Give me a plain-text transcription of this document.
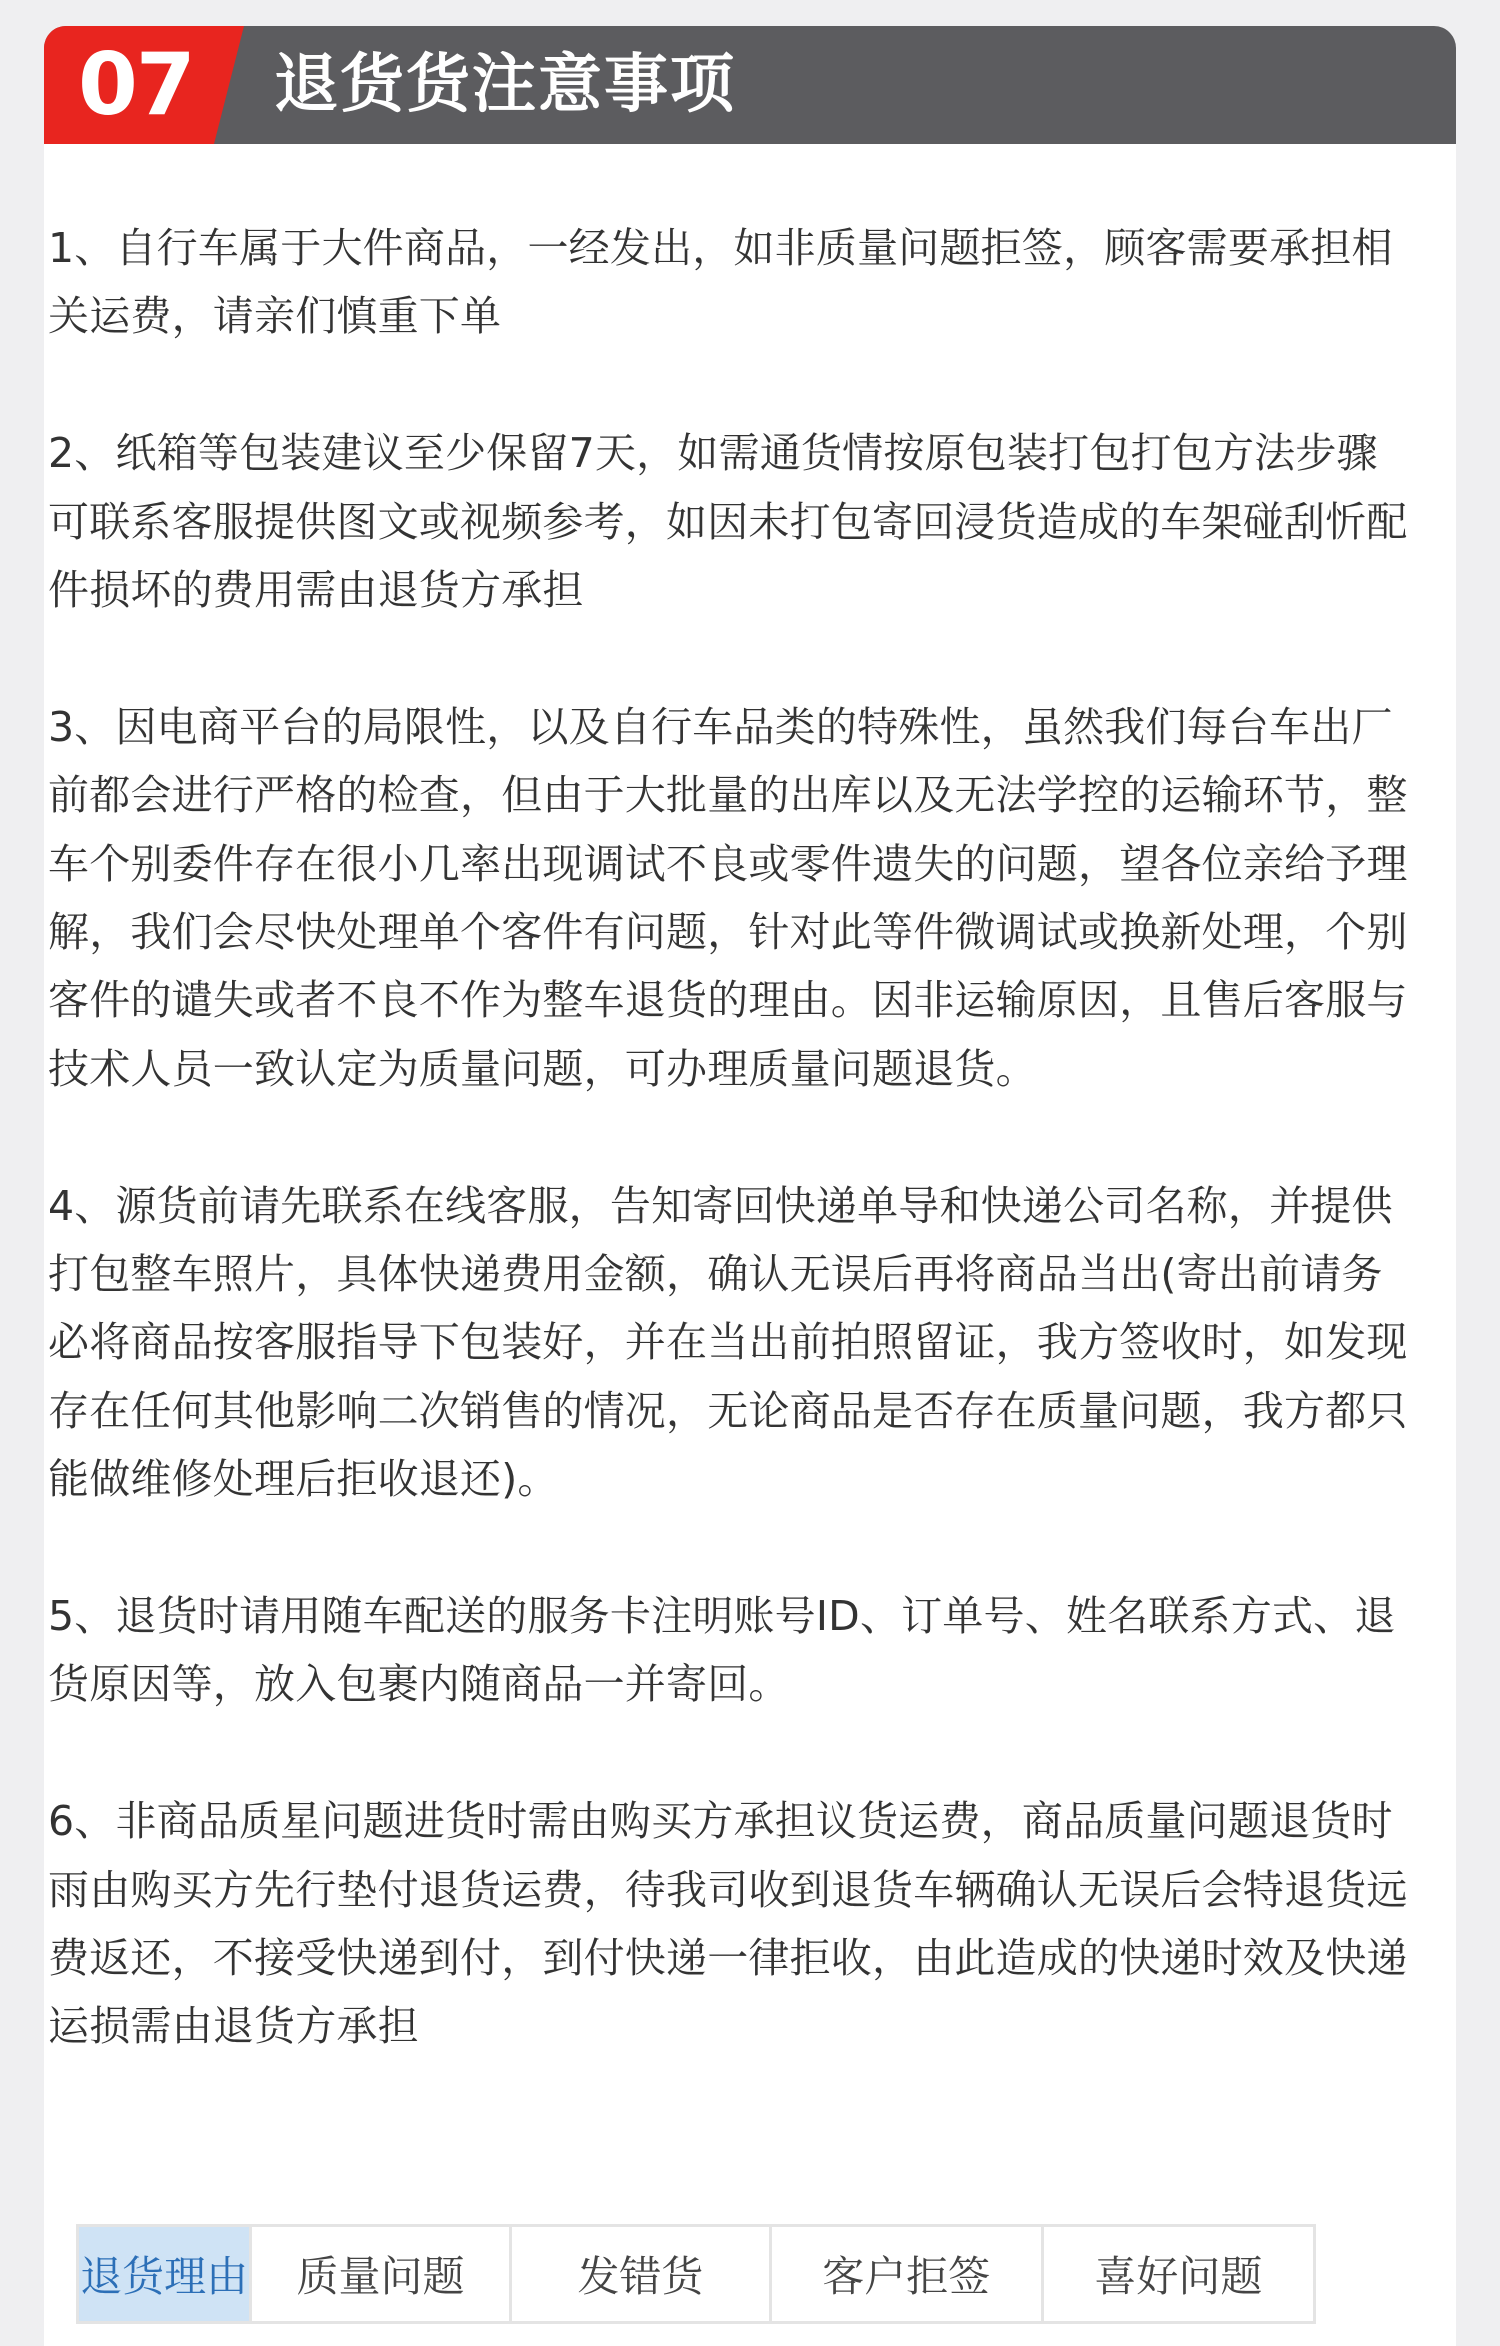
07 退货货注意事项

1、自行车属于大件商品，一经发出，如非质量问题拒签，顾客需要承担相关运费，请亲们慎重下单

2、纸箱等包装建议至少保留7天，如需通货情按原包装打包打包方法步骤可联系客服提供图文或视频参考，如因未打包寄回浸货造成的车架碰刮忻配件损坏的费用需由退货方承担

3、因电商平台的局限性，以及自行车品类的特殊性，虽然我们每台车出厂前都会进行严格的检查，但由于大批量的出库以及无法学控的运输环节，整车个别委件存在很小几率出现调试不良或零件遗失的问题，望各位亲给予理解，我们会尽快处理单个客件有问题，针对此等件微调试或换新处理，个别客件的谴失或者不良不作为整车退货的理由。因非运输原因，且售后客服与技术人员一致认定为质量问题，可办理质量问题退货。

4、源货前请先联系在线客服，告知寄回快递单导和快递公司名称，并提供打包整车照片，具体快递费用金额，确认无误后再将商品当出(寄出前请务必将商品按客服指导下包装好，并在当出前拍照留证，我方签收时，如发现存在任何其他影响二次销售的情况，无论商品是否存在质量问题，我方都只能做维修处理后拒收退还)。

5、退货时请用随车配送的服务卡注明账号ID、订单号、姓名联系方式、退货原因等，放入包裹内随商品一并寄回。

6、非商品质星问题进货时需由购买方承担议货运费，商品质量问题退货时雨由购买方先行垫付退货运费，待我司收到退货车辆确认无误后会特退货远费返还，不接受快递到付，到付快递一律拒收，由此造成的快递时效及快递运损需由退货方承担

退货理由	质量问题	发错货	客户拒签	喜好问题
